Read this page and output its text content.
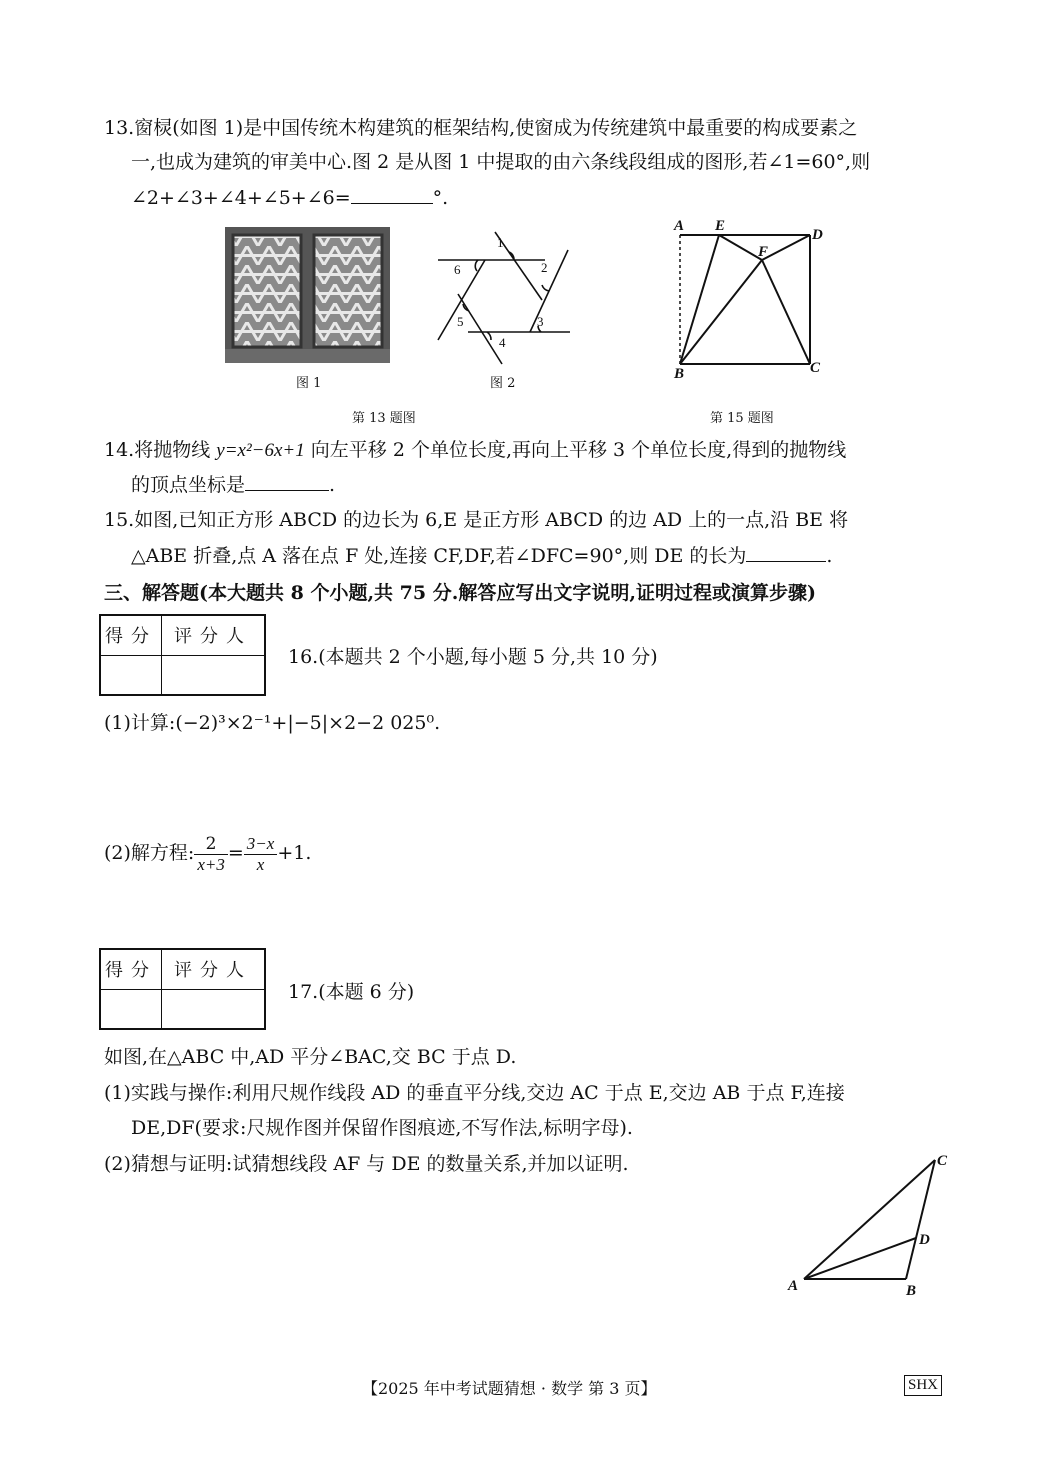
13.窗棂(如图 1)是中国传统木构建筑的框架结构,使窗成为传统建筑中最重要的构成要素之
一,也成为建筑的审美中心.图 2 是从图 1 中提取的由六条线段组成的图形,若∠1=60°,则
∠2+∠3+∠4+∠5+∠6=	°.
图 1
1
2
3
4
5
6
图 2
第 13 题图
A E
D
F
B	C
第 15 题图
14.将抛物线 y=x²−6x+1 向左平移 2 个单位长度,再向上平移 3 个单位长度,得到的抛物线
的顶点坐标是	.
15.如图,已知正方形 ABCD 的边长为 6,E 是正方形 ABCD 的边 AD 上的一点,沿 BE 将
△ABE 折叠,点 A 落在点 F 处,连接 CF,DF,若∠DFC=90°,则 DE 的长为	.
三、解答题(本大题共 8 个小题,共 75 分.解答应写出文字说明,证明过程或演算步骤)
得分	评分人

16.(本题共 2 个小题,每小题 5 分,共 10 分)
(1)计算:(−2)³×2⁻¹+|−5|×2−2 025⁰.
(2)解方程: $\frac{2}{x+3} = \frac{3-x}{x} +1$.
得分	评分人

17.(本题 6 分)
如图,在△ABC 中,AD 平分∠BAC,交 BC 于点 D.
(1)实践与操作:利用尺规作线段 AD 的垂直平分线,交边 AC 于点 E,交边 AB 于点 F,连接
DE,DF(要求:尺规作图并保留作图痕迹,不写作法,标明字母).
(2)猜想与证明:试猜想线段 AF 与 DE 的数量关系,并加以证明.	C
D
A	B
【2025 年中考试题猜想 · 数学 第 3 页】	SHX
